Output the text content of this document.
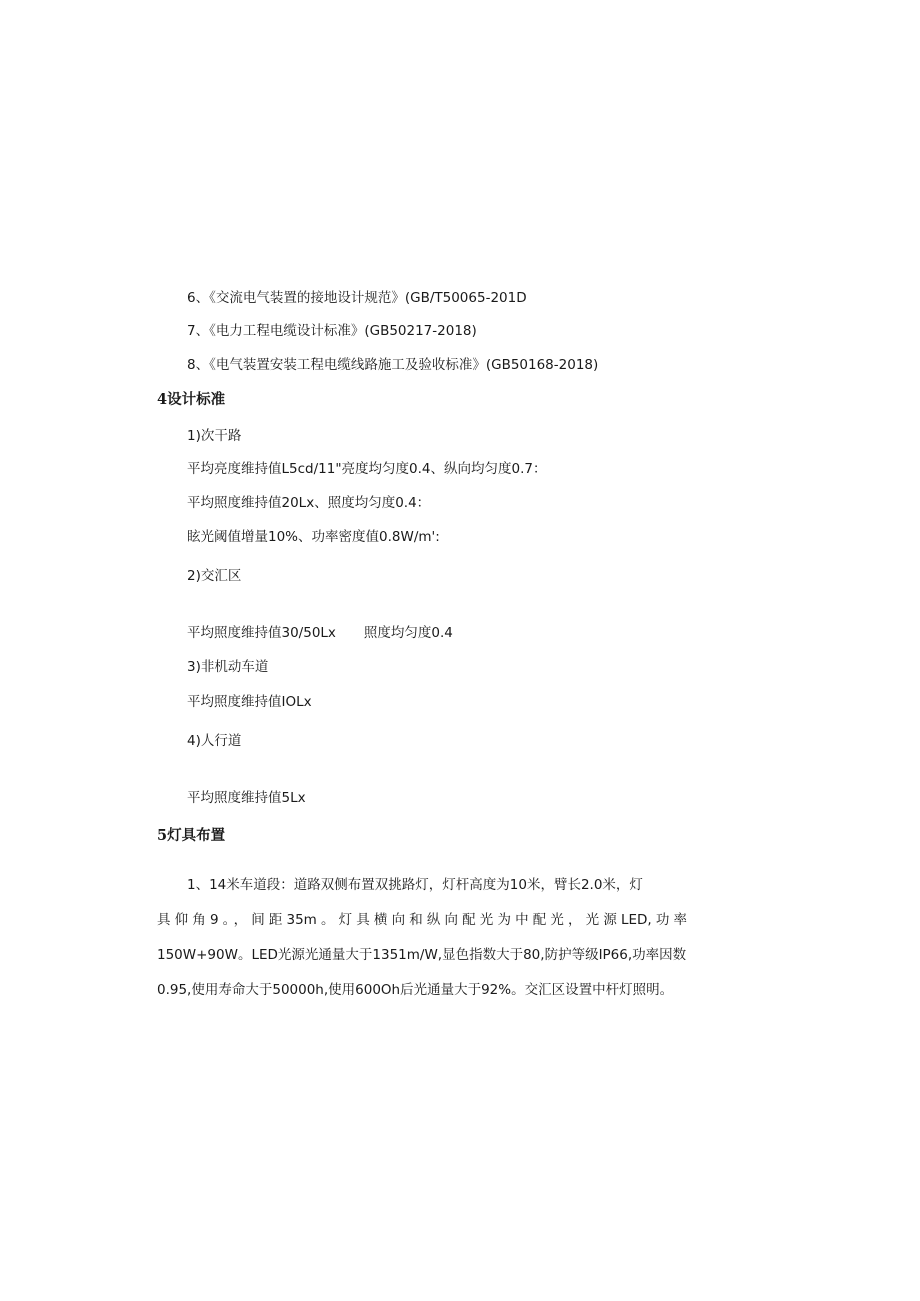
6、《交流电气装置的接地设计规范》(GB/T50065-201D
7、《电力工程电缆设计标准》(GB50217-2018)
8、《电气装置安装工程电缆线路施工及验收标准》(GB50168-2018)
4设计标准
1)次干路
平均亮度维持值L5cd∕11"亮度均匀度0.4、纵向均匀度0.7：
平均照度维持值20Lx、照度均匀度0.4：
眩光阈值增量10%、功率密度值0.8W∕m':
2)交汇区
平均照度维持值30∕50Lx 照度均匀度0.4
3)非机动车道
平均照度维持值IOLx
4)人行道
平均照度维持值5Lx
5灯具布置
1、14米车道段：道路双侧布置双挑路灯，灯杆高度为10米，臂长2.0米，灯
具仰角9。，间距35m。灯具横向和纵向配光为中配光，光源LED,功率
150W+90W。LED光源光通量大于1351m∕W,显色指数大于80,防护等级IP66,功率因数
0.95,使用寿命大于50000h,使用600Oh后光通量大于92%。交汇区设置中杆灯照明。
